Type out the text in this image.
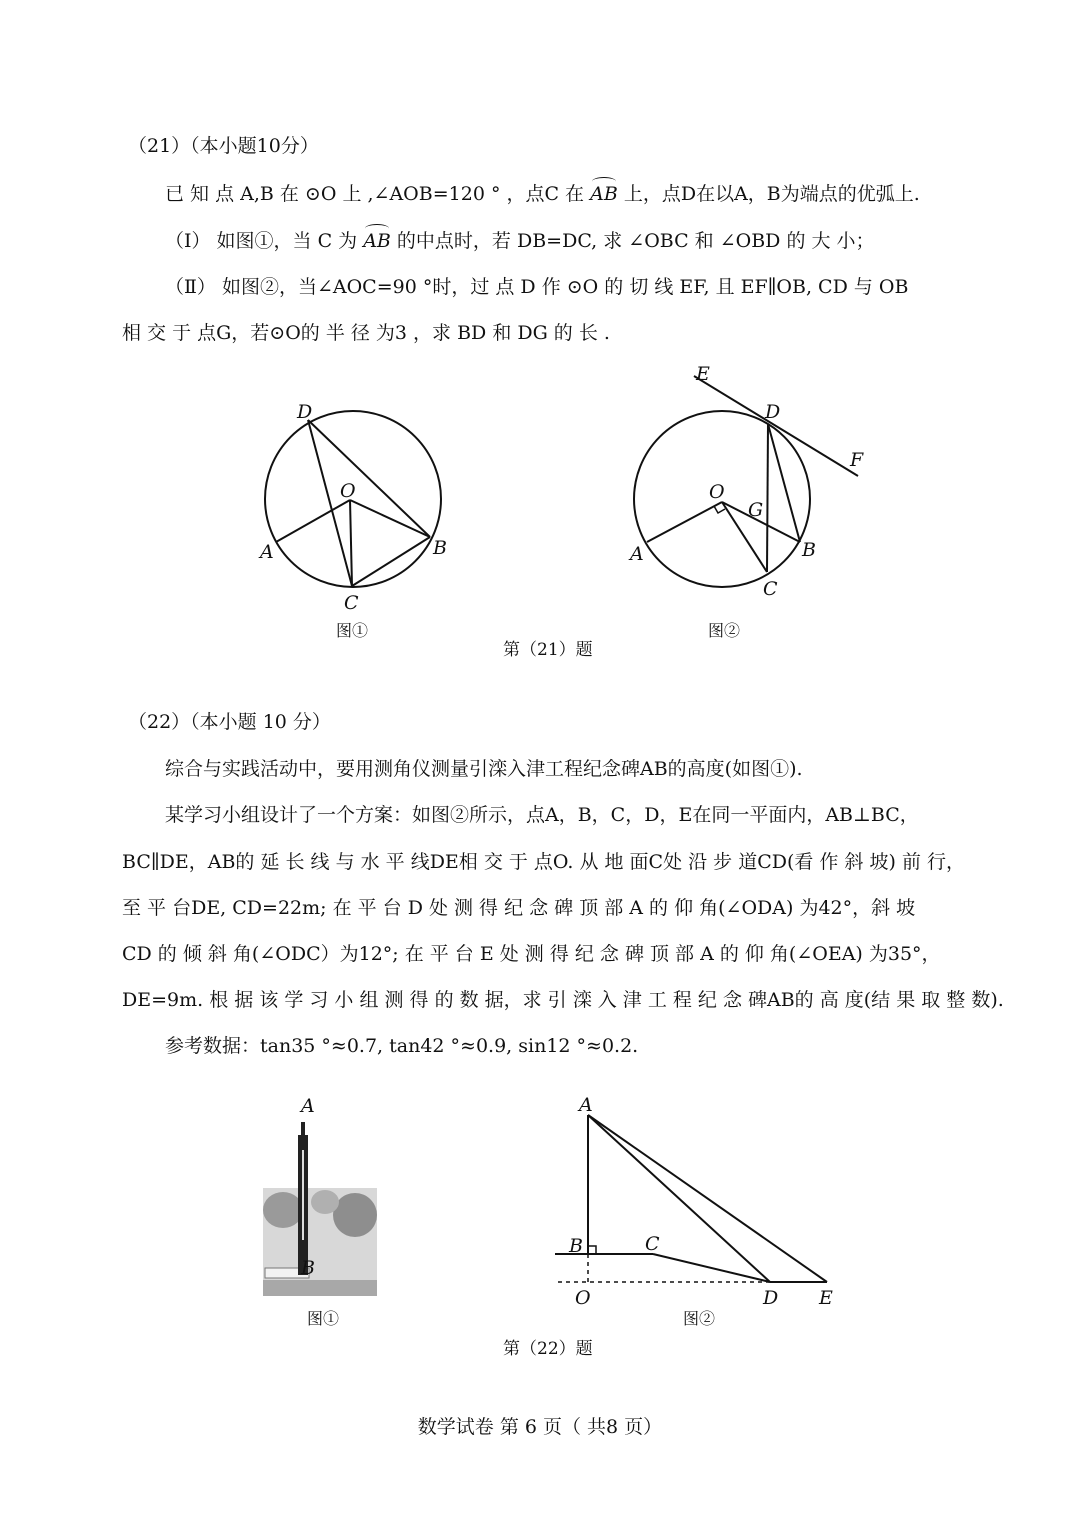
（21）（本小题10分）
已 知 点 A,B 在 ⊙O 上 ,∠AOB=120 ° ，点C 在 AB 上，点D在以A，B为端点的优弧上.
（Ⅰ） 如图①，当 C 为 AB 的中点时，若 DB=DC, 求 ∠OBC 和 ∠OBD 的 大 小；
（Ⅱ） 如图②，当∠AOC=90 °时，过 点 D 作 ⊙O 的 切 线 EF, 且 EF∥OB, CD 与 OB
相 交 于 点G，若⊙O的 半 径 为3 ，求 BD 和 DG 的 长 .
D
O
A	B
C
图①
E
D
F
O
G
A	B
C
图②
第（21）题
（22）（本小题 10 分）
综合与实践活动中，要用测角仪测量引滦入津工程纪念碑AB的高度(如图①).
某学习小组设计了一个方案：如图②所示，点A，B，C，D，E在同一平面内，AB⊥BC，
BC∥DE，AB的 延 长 线 与 水 平 线DE相 交 于 点O. 从 地 面C处 沿 步 道CD(看 作 斜 坡) 前 行，
至 平 台DE, CD=22m; 在 平 台 D 处 测 得 纪 念 碑 顶 部 A 的 仰 角(∠ODA) 为42°，斜 坡
CD 的 倾 斜 角(∠ODC）为12°; 在 平 台 E 处 测 得 纪 念 碑 顶 部 A 的 仰 角(∠OEA) 为35°，
DE=9m. 根 据 该 学 习 小 组 测 得 的 数 据，求 引 滦 入 津 工 程 纪 念 碑AB的 高 度(结 果 取 整 数).
参考数据：tan35 °≈0.7, tan42 °≈0.9, sin12 °≈0.2.
A
B
图①
A
B	C
O	D E
图②
第（22）题
数学试卷 第 6 页（ 共8 页）
